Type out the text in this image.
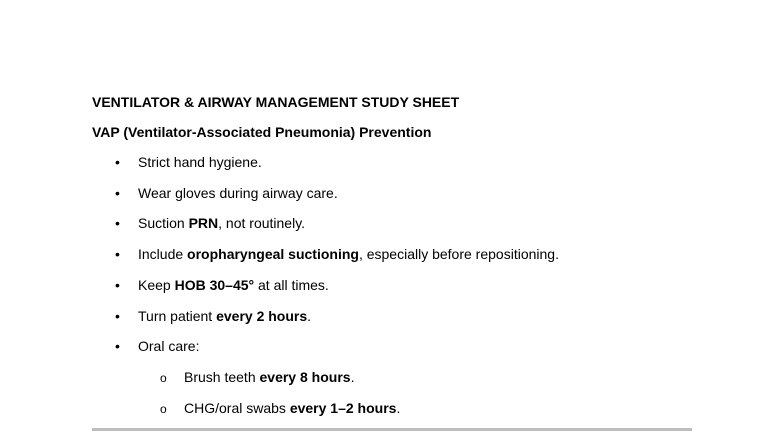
VENTILATOR & AIRWAY MANAGEMENT STUDY SHEET
VAP (Ventilator-Associated Pneumonia) Prevention
• Strict hand hygiene.
• Wear gloves during airway care.
• Suction PRN, not routinely.
• Include oropharyngeal suctioning, especially before repositioning.
• Keep HOB 30–45° at all times.
• Turn patient every 2 hours.
• Oral care:
o Brush teeth every 8 hours.
o CHG/oral swabs every 1–2 hours.
